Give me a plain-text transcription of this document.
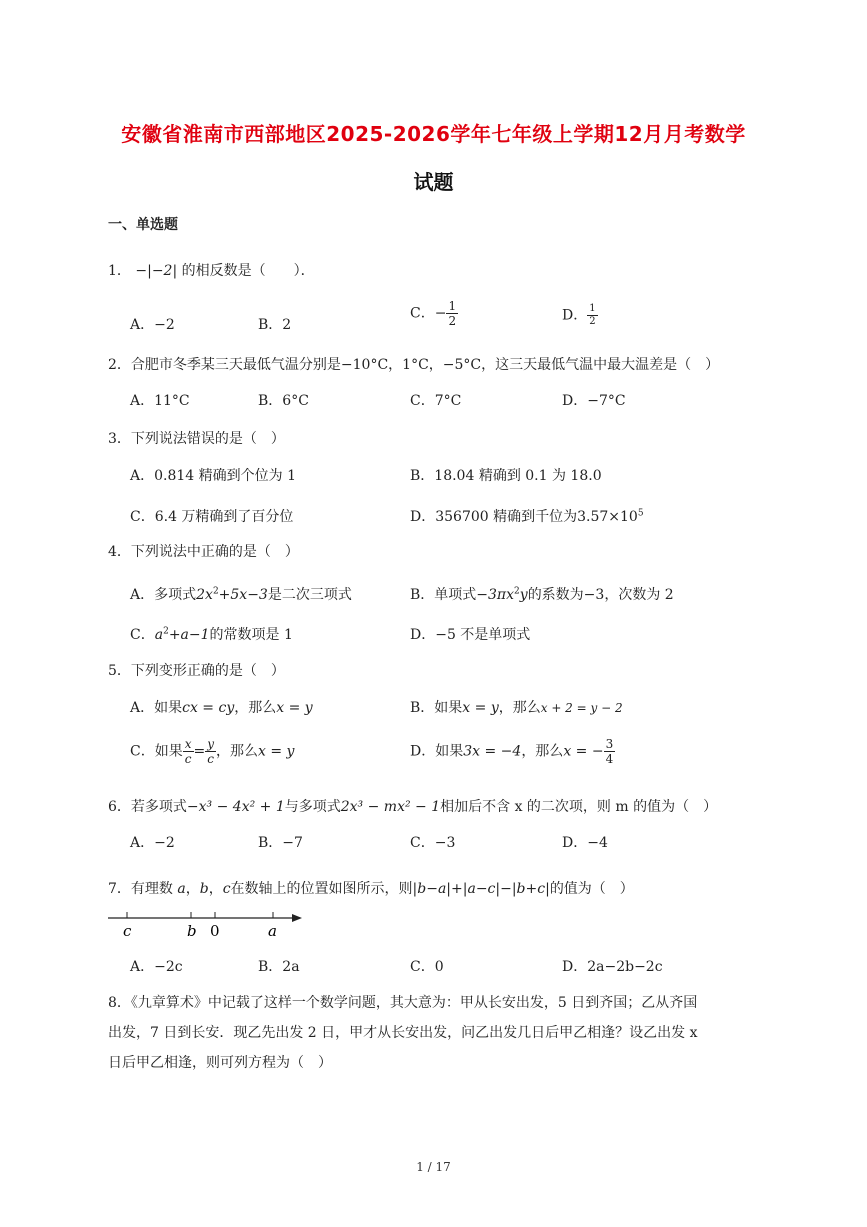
安徽省淮南市西部地区2025-2026学年七年级上学期12月月考数学
试题
一、单选题
1． −|−2| 的相反数是（　　）．
A．−2	B．2
C．− $\frac{1}{2}$	D． $\frac{1}{2}$
2．合肥市冬季某三天最低气温分别是−10°C，1°C，−5°C，这三天最低气温中最大温差是（　）
A．11°C	B．6°C	C．7°C	D．−7°C
3．下列说法错误的是（　）
A．0.814 精确到个位为 1	B．18.04 精确到 0.1 为 18.0
C．6.4 万精确到了百分位	D．356700 精确到千位为$3.57\times 10^5$
4．下列说法中正确的是（　）
A．多项式$2x^2+5x-3$是二次三项式	B．单项式$-3\pi x^2y$的系数为−3，次数为 2
C．$a^2+a-1$的常数项是 1	D．−5 不是单项式
5．下列变形正确的是（　）
A．如果cx = cy，那么x = y	B．如果x = y，那么x + 2 = y − 2
C．如果 $\frac{x}{c} = \frac{y}{c}$ ，那么x = y	D．如果3x = −4，那么x = − $\frac{3}{4}$
6．若多项式−x³ − 4x² + 1与多项式2x³ − mx² − 1相加后不含 x 的二次项，则 m 的值为（　）
A．−2	B．−7	C．−3	D．−4
7．有理数 a，b，c在数轴上的位置如图所示，则|b−a|+|a−c|−|b+c|的值为（　）
c	b 0	a
A．−2c	B．2a	C．0	D．2a−2b−2c
8．《九章算术》中记载了这样一个数学问题，其大意为：甲从长安出发，5 日到齐国；乙从齐国
出发，7 日到长安．现乙先出发 2 日，甲才从长安出发，问乙出发几日后甲乙相逢？设乙出发 x
日后甲乙相逢，则可列方程为（　）
1 / 17
